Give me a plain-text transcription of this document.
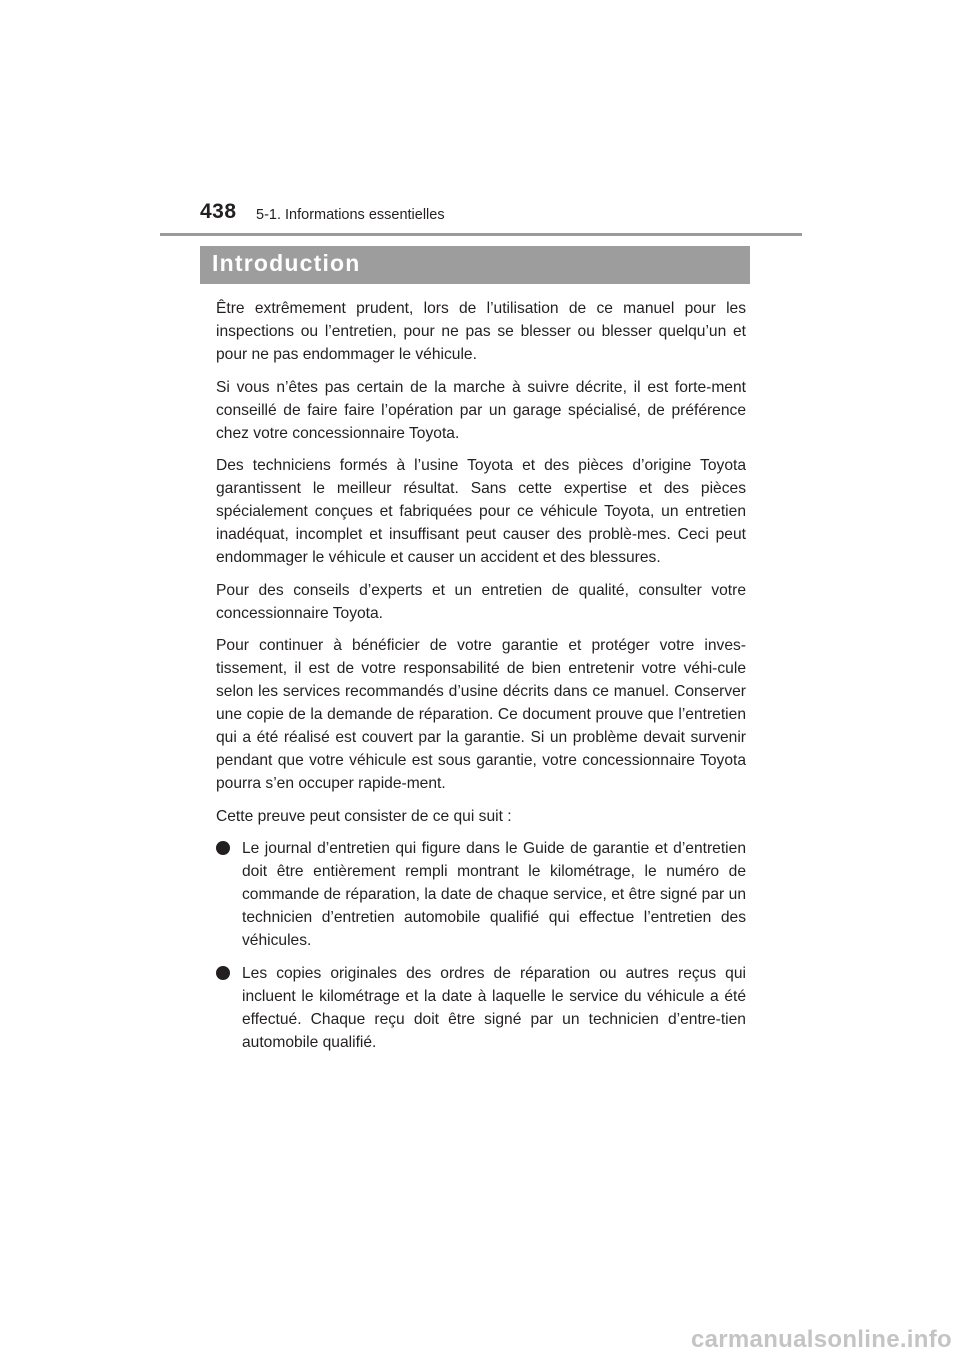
438 5-1. Informations essentielles
Introduction

Être extrêmement prudent, lors de l’utilisation de ce manuel pour les inspections ou l’entretien, pour ne pas se blesser ou blesser quelqu’un et pour ne pas endommager le véhicule.

Si vous n’êtes pas certain de la marche à suivre décrite, il est forte-ment conseillé de faire faire l’opération par un garage spécialisé, de préférence chez votre concessionnaire Toyota.

Des techniciens formés à l’usine Toyota et des pièces d’origine Toyota garantissent le meilleur résultat. Sans cette expertise et des pièces spécialement conçues et fabriquées pour ce véhicule Toyota, un entretien inadéquat, incomplet et insuffisant peut causer des problè-mes. Ceci peut endommager le véhicule et causer un accident et des blessures.

Pour des conseils d’experts et un entretien de qualité, consulter votre concessionnaire Toyota.

Pour continuer à bénéficier de votre garantie et protéger votre inves-tissement, il est de votre responsabilité de bien entretenir votre véhi-cule selon les services recommandés d’usine décrits dans ce manuel. Conserver une copie de la demande de réparation. Ce document prouve que l’entretien qui a été réalisé est couvert par la garantie. Si un problème devait survenir pendant que votre véhicule est sous garantie, votre concessionnaire Toyota pourra s’en occuper rapide-ment.

Cette preuve peut consister de ce qui suit :

Le journal d’entretien qui figure dans le Guide de garantie et d’entretien doit être entièrement rempli montrant le kilométrage, le numéro de commande de réparation, la date de chaque service, et être signé par un technicien d’entretien automobile qualifié qui effectue l’entretien des véhicules.
Les copies originales des ordres de réparation ou autres reçus qui incluent le kilométrage et la date à laquelle le service du véhicule a été effectué. Chaque reçu doit être signé par un technicien d’entre-tien automobile qualifié.
carmanualsonline.info
